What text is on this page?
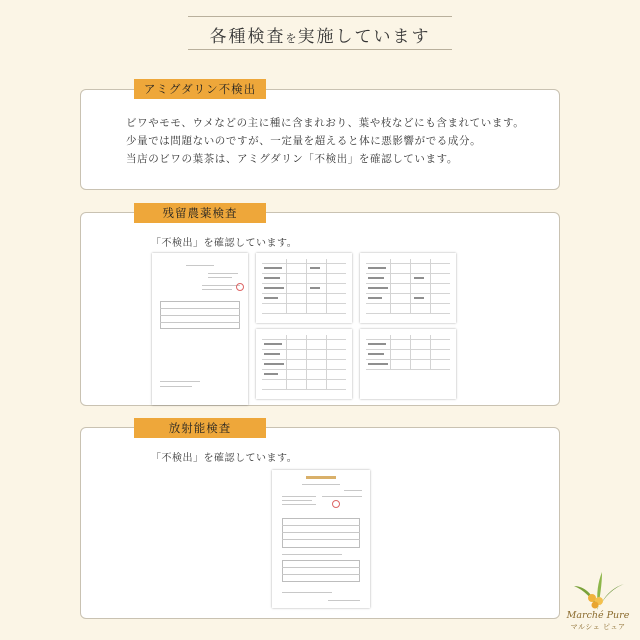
各種検査を実施しています
ビワやモモ、ウメなどの主に種に含まれおり、葉や枝などにも含まれています。
少量では問題ないのですが、一定量を超えると体に悪影響がでる成分。
当店のビワの葉茶は、アミグダリン「不検出」を確認しています。
アミグダリン不検出
「不検出」を確認しています。
残留農薬検査
「不検出」を確認しています。
放射能検査
Marché Pure
マルシェ ピュア
